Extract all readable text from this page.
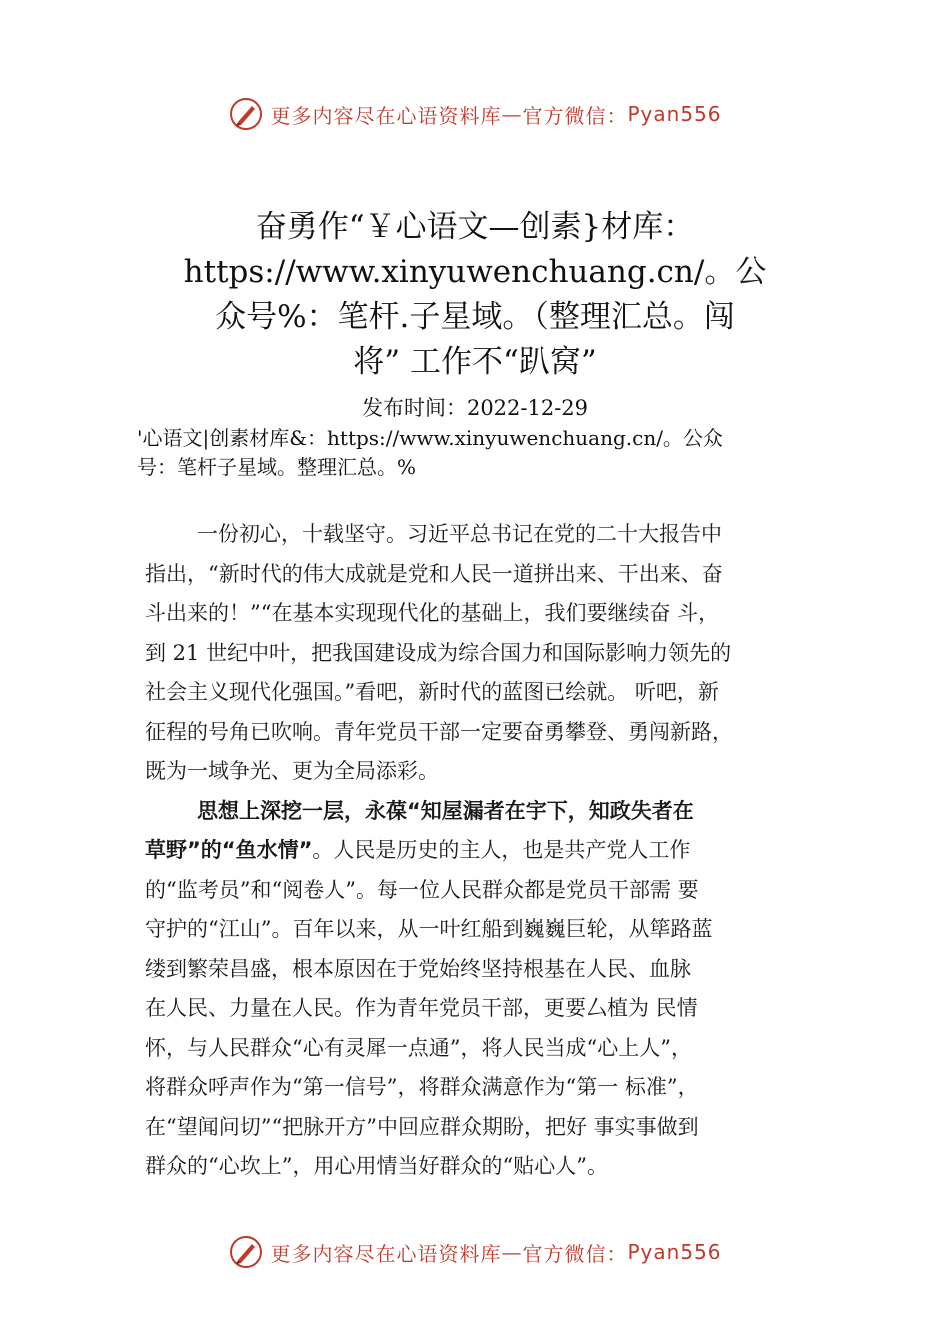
更多内容尽在心语资料库 — 官方微信： Pyan556
奋勇作“￥心语文—创素}材库：
https://www.xinyuwenchuang.cn/。公
众号%：笔杆.子星域。（整理汇总。闯
将” 工作不“趴窝”
发布时间：2022-12-29
'心语文|创素材库&：https://www.xinyuwenchuang.cn/。公众
号：笔杆子星域。整理汇总。%
一份初心，十载坚守。习近平总书记在党的二十大报告中
指出，“新时代的伟大成就是党和人民一道拼出来、干出来、奋
斗出来的！”“在基本实现现代化的基础上，我们要继续奋 斗，
到 21 世纪中叶，把我国建设成为综合国力和国际影响力领先的
社会主义现代化强国。”看吧，新时代的蓝图已绘就。 听吧，新
征程的号角已吹响。青年党员干部一定要奋勇攀登、勇闯新路，
既为一域争光、更为全局添彩。
思想上深挖一层，永葆“知屋漏者在宇下，知政失者在
草野”的“鱼水情”。人民是历史的主人，也是共产党人工作
的“监考员”和“阅卷人”。每一位人民群众都是党员干部需 要
守护的“江山”。百年以来，从一叶红船到巍巍巨轮，从筚路蓝
缕到繁荣昌盛，根本原因在于党始终坚持根基在人民、血脉
在人民、力量在人民。作为青年党员干部，更要厶植为 民情
怀，与人民群众“心有灵犀一点通”，将人民当成“心上人”，
将群众呼声作为“第一信号”，将群众满意作为“第一 标准”，
在“望闻问切”“把脉开方”中回应群众期盼，把好 事实事做到
群众的“心坎上”，用心用情当好群众的“贴心人”。
更多内容尽在心语资料库 — 官方微信： Pyan556
